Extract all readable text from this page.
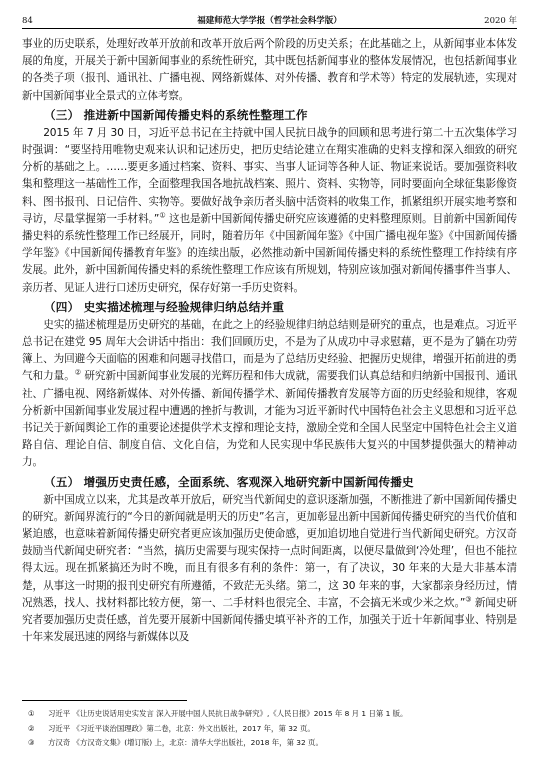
84	福建师范大学学报（哲学社会科学版）	2020 年

事业的历史联系，处理好改革开放前和改革开放后两个阶段的历史关系；在此基础之上，从新闻事业本体发展的角度，开展关于新中国新闻事业的系统性研究，其中既包括新闻事业的整体发展情况，也包括新闻事业的各类子项（报刊、通讯社、广播电视、网络新媒体、对外传播、教育和学术等）特定的发展轨迹，实现对新中国新闻事业全景式的立体考察。

（三） 推进新中国新闻传播史料的系统性整理工作

2015 年 7 月 30 日，习近平总书记在主持就中国人民抗日战争的回顾和思考进行第二十五次集体学习时强调：“要坚持用唯物史观来认识和记述历史，把历史结论建立在翔实准确的史料支撑和深入细致的研究分析的基础之上。……要更多通过档案、资料、事实、当事人证词等各种人证、物证来说话。要加强资料收集和整理这一基础性工作，全面整理我国各地抗战档案、照片、资料、实物等，同时要面向全球征集影像资料、图书报刊、日记信件、实物等。要做好战争亲历者头脑中活资料的收集工作，抓紧组织开展实地考察和寻访，尽量掌握第一手材料。”① 这也是新中国新闻传播史研究应该遵循的史料整理原则。目前新中国新闻传播史料的系统性整理工作已经展开，同时，随着历年《中国新闻年鉴》《中国广播电视年鉴》《中国新闻传播学年鉴》《中国新闻传播教育年鉴》的连续出版，必然推动新中国新闻传播史料的系统性整理工作持续有序发展。此外，新中国新闻传播史料的系统性整理工作应该有所规划，特别应该加强对新闻传播事件当事人、亲历者、见证人进行口述历史研究，保存好第一手历史资料。

（四） 史实描述梳理与经验规律归纳总结并重

史实的描述梳理是历史研究的基础，在此之上的经验规律归纳总结则是研究的重点，也是难点。习近平总书记在建党 95 周年大会讲话中指出：我们回顾历史，不是为了从成功中寻求慰藉，更不是为了躺在功劳簿上、为回避今天面临的困难和问题寻找借口，而是为了总结历史经验、把握历史规律，增强开拓前进的勇气和力量。② 研究新中国新闻事业发展的光辉历程和伟大成就，需要我们认真总结和归纳新中国报刊、通讯社、广播电视、网络新媒体、对外传播、新闻传播学术、新闻传播教育发展等方面的历史经验和规律，客观分析新中国新闻事业发展过程中遭遇的挫折与教训，才能为习近平新时代中国特色社会主义思想和习近平总书记关于新闻舆论工作的重要论述提供学术支撑和理论支持，激励全党和全国人民坚定中国特色社会主义道路自信、理论自信、制度自信、文化自信，为党和人民实现中华民族伟大复兴的中国梦提供强大的精神动力。

（五） 增强历史责任感，全面系统、客观深入地研究新中国新闻传播史

新中国成立以来，尤其是改革开放后，研究当代新闻史的意识逐渐加强，不断推进了新中国新闻传播史的研究。新闻界流行的“今日的新闻就是明天的历史”名言，更加彰显出新中国新闻传播史研究的当代价值和紧迫感，也意味着新闻传播史研究者更应该加强历史使命感，更加追切地自觉进行当代新闻史研究。方汉奇鼓励当代新闻史研究者：“当然，搞历史需要与现实保持一点时间距离，以便尽量做到‘冷处理’，但也不能拉得太远。现在抓紧搞还为时不晚，而且有很多有利的条件：第一，有了决议，30 年来的大是大非基本清楚，从事这一时期的报刊史研究有所遵循，不致茫无头绪。第二，这 30 年来的事，大家都亲身经历过，情况熟悉，找人、找材料都比较方便，第一、二手材料也很完全、丰富，不会搞无米或少米之炊。”③ 新闻史研究者要加强历史责任感，首先要开展新中国新闻传播史填平补齐的工作，加强关于近十年新闻事业、特别是十年来发展迅速的网络与新媒体以及

① 习近平 《让历史说话用史实发言 深入开展中国人民抗日战争研究》,《人民日报》2015 年 8 月 1 日第 1 版。

② 习近平 《习近平谈治国理政》第二卷，北京：外文出版社，2017 年，第 32 页。

③ 方汉奇 《方汉奇文集》(增订版) 上，北京：清华大学出版社，2018 年，第 32 页。
